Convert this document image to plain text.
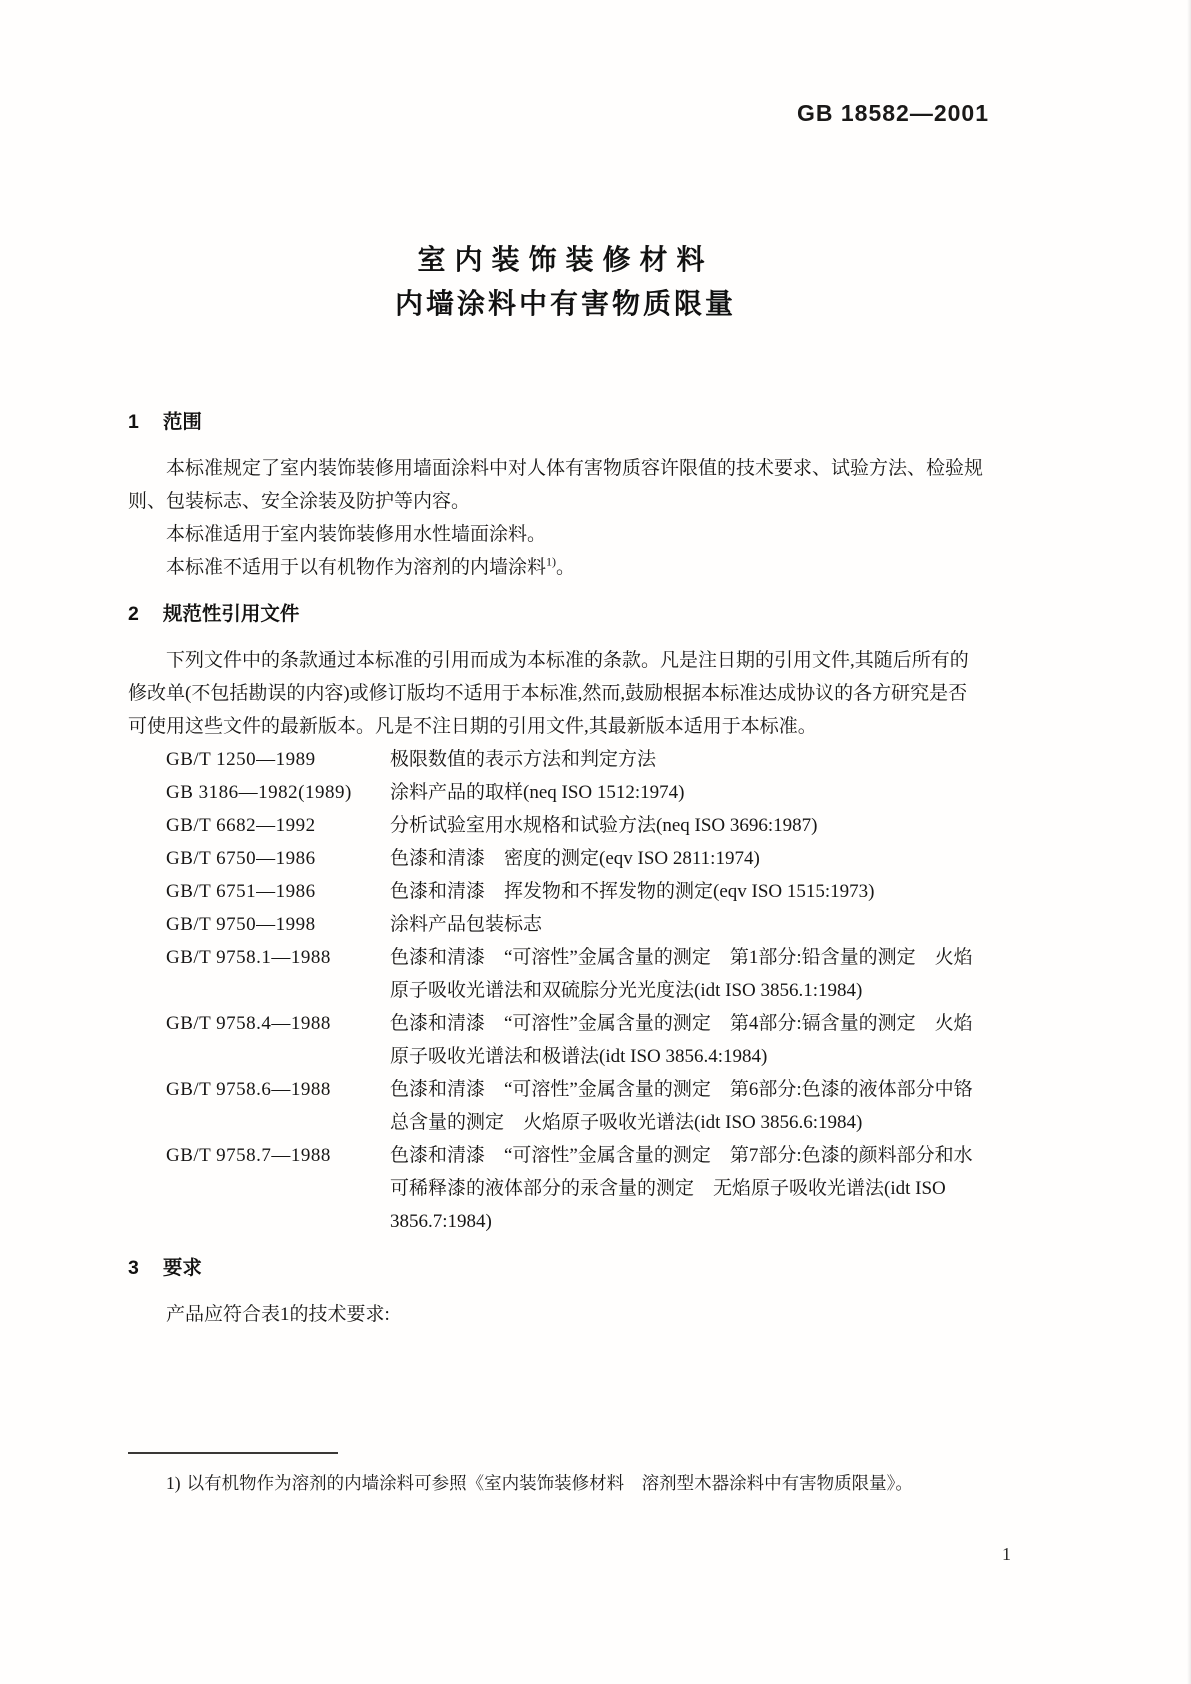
GB 18582—2001
室内装饰装修材料
内墙涂料中有害物质限量
1 范围

本标准规定了室内装饰装修用墙面涂料中对人体有害物质容许限值的技术要求、试验方法、检验规则、包装标志、安全涂装及防护等内容。

本标准适用于室内装饰装修用水性墙面涂料。

本标准不适用于以有机物作为溶剂的内墙涂料$^{1)}$。

2 规范性引用文件

下列文件中的条款通过本标准的引用而成为本标准的条款。凡是注日期的引用文件,其随后所有的修改单(不包括勘误的内容)或修订版均不适用于本标准,然而,鼓励根据本标准达成协议的各方研究是否可使用这些文件的最新版本。凡是不注日期的引用文件,其最新版本适用于本标准。

GB/T 1250—1989	极限数值的表示方法和判定方法
GB 3186—1982(1989) 涂料产品的取样(neq ISO 1512:1974)
GB/T 6682—1992	分析试验室用水规格和试验方法(neq ISO 3696:1987)
GB/T 6750—1986	色漆和清漆　密度的测定(eqv ISO 2811:1974)
GB/T 6751—1986	色漆和清漆　挥发物和不挥发物的测定(eqv ISO 1515:1973)
GB/T 9750—1998	涂料产品包装标志
GB/T 9758.1—1988	色漆和清漆　“可溶性”金属含量的测定　第1部分:铅含量的测定　火焰原子吸收光谱法和双硫腙分光光度法(idt ISO 3856.1:1984)
GB/T 9758.4—1988	色漆和清漆　“可溶性”金属含量的测定　第4部分:镉含量的测定　火焰原子吸收光谱法和极谱法(idt ISO 3856.4:1984)
GB/T 9758.6—1988	色漆和清漆　“可溶性”金属含量的测定　第6部分:色漆的液体部分中铬总含量的测定　火焰原子吸收光谱法(idt ISO 3856.6:1984)
GB/T 9758.7—1988	色漆和清漆　“可溶性”金属含量的测定　第7部分:色漆的颜料部分和水可稀释漆的液体部分的汞含量的测定　无焰原子吸收光谱法(idt ISO 3856.7:1984)
3 要求

产品应符合表1的技术要求:

1) 以有机物作为溶剂的内墙涂料可参照《室内装饰装修材料　溶剂型木器涂料中有害物质限量》。

1
